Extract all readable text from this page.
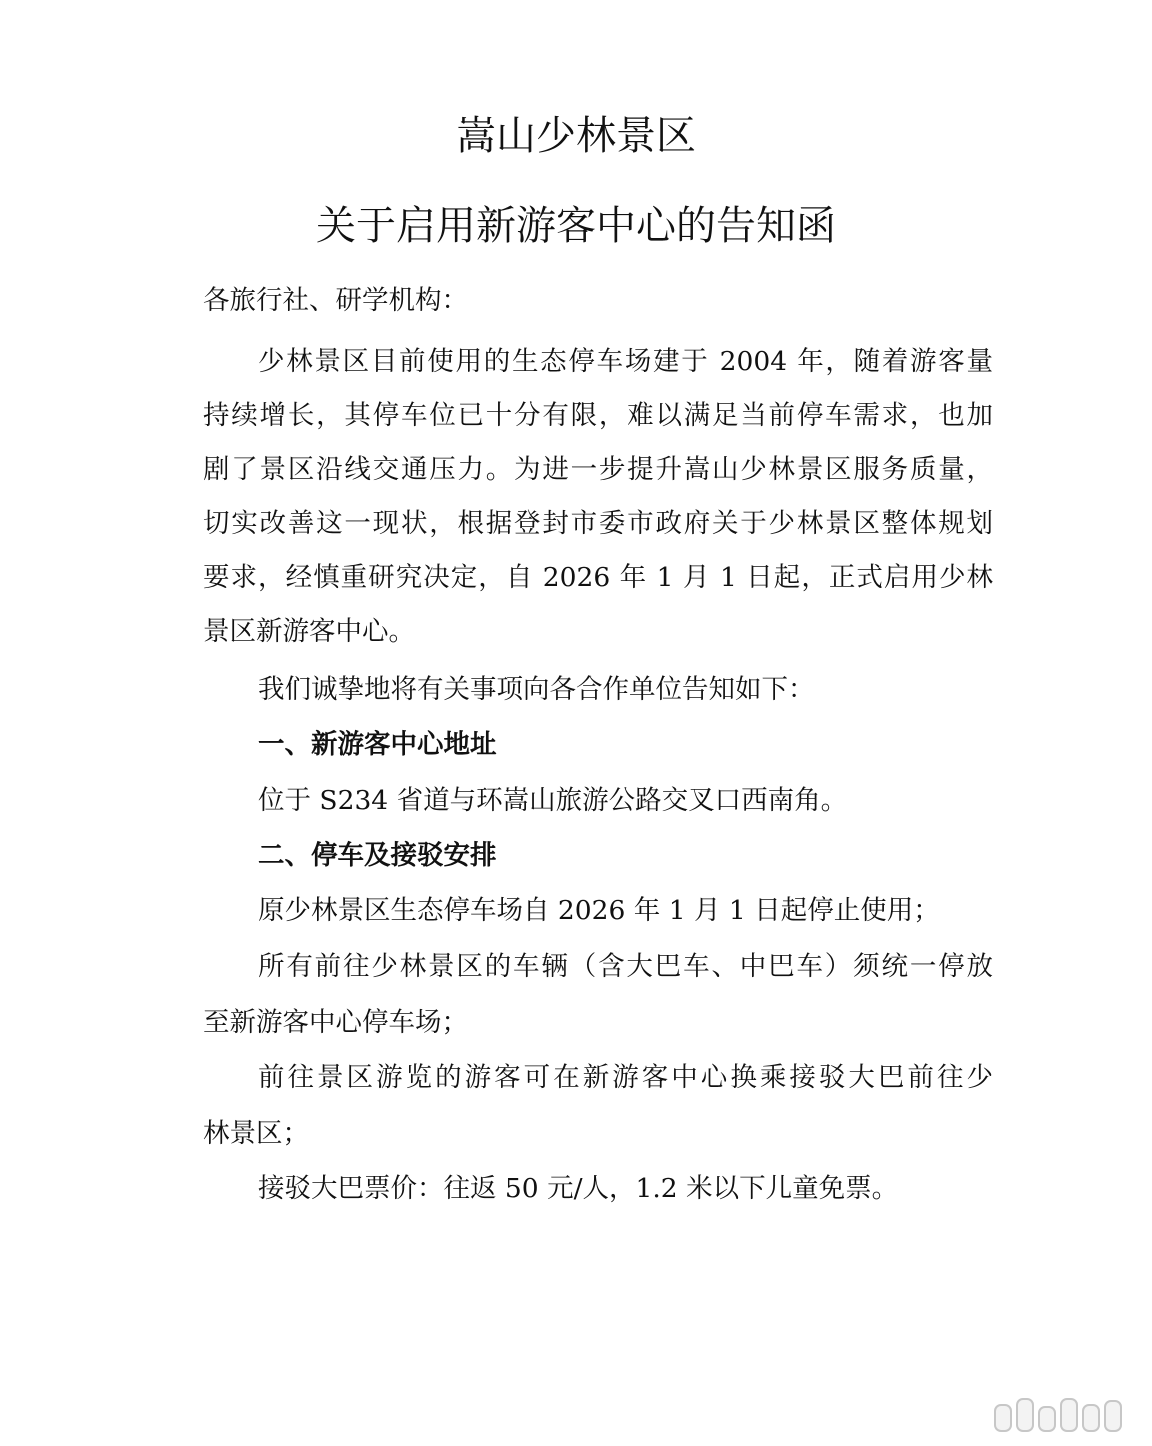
嵩山少林景区
关于启用新游客中心的告知函
各旅行社、研学机构：
少林景区目前使用的生态停车场建于 2004 年，随着游客量
持续增长，其停车位已十分有限，难以满足当前停车需求，也加
剧了景区沿线交通压力。为进一步提升嵩山少林景区服务质量，
切实改善这一现状，根据登封市委市政府关于少林景区整体规划
要求，经慎重研究决定，自 2026 年 1 月 1 日起，正式启用少林
景区新游客中心。
我们诚挚地将有关事项向各合作单位告知如下：
一、新游客中心地址
位于 S234 省道与环嵩山旅游公路交叉口西南角。
二、停车及接驳安排
原少林景区生态停车场自 2026 年 1 月 1 日起停止使用；
所有前往少林景区的车辆（含大巴车、中巴车）须统一停放
至新游客中心停车场；
前往景区游览的游客可在新游客中心换乘接驳大巴前往少
林景区；
接驳大巴票价：往返 50 元/人，1.2 米以下儿童免票。
